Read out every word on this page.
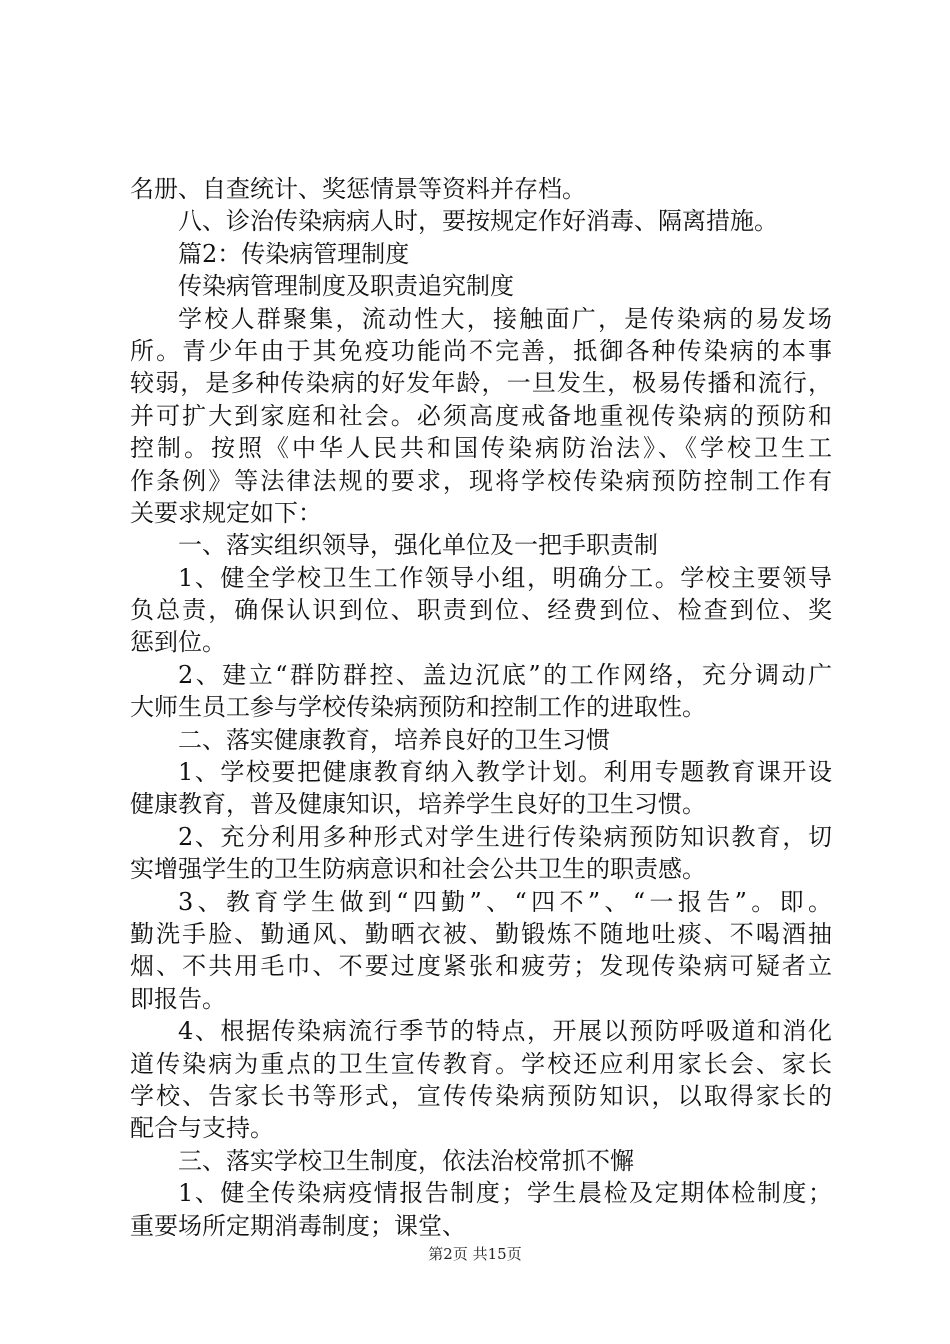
名册、自查统计、奖惩情景等资料并存档。
八、诊治传染病病人时，要按规定作好消毒、隔离措施。
篇2：传染病管理制度
传染病管理制度及职责追究制度
学校人群聚集，流动性大，接触面广，是传染病的易发场
所。青少年由于其免疫功能尚不完善，抵御各种传染病的本事
较弱，是多种传染病的好发年龄，一旦发生，极易传播和流行，
并可扩大到家庭和社会。必须高度戒备地重视传染病的预防和
控制。按照《中华人民共和国传染病防治法》、《学校卫生工
作条例》等法律法规的要求，现将学校传染病预防控制工作有
关要求规定如下：
一、落实组织领导，强化单位及一把手职责制
1、健全学校卫生工作领导小组，明确分工。学校主要领导
负总责，确保认识到位、职责到位、经费到位、检查到位、奖
惩到位。
2、建立“群防群控、盖边沉底”的工作网络，充分调动广
大师生员工参与学校传染病预防和控制工作的进取性。
二、落实健康教育，培养良好的卫生习惯
1、学校要把健康教育纳入教学计划。利用专题教育课开设
健康教育，普及健康知识，培养学生良好的卫生习惯。
2、充分利用多种形式对学生进行传染病预防知识教育，切
实增强学生的卫生防病意识和社会公共卫生的职责感。
3、教育学生做到“四勤”、“四不”、“一报告”。即。
勤洗手脸、勤通风、勤晒衣被、勤锻炼不随地吐痰、不喝酒抽
烟、不共用毛巾、不要过度紧张和疲劳；发现传染病可疑者立
即报告。
4、根据传染病流行季节的特点，开展以预防呼吸道和消化
道传染病为重点的卫生宣传教育。学校还应利用家长会、家长
学校、告家长书等形式，宣传传染病预防知识，以取得家长的
配合与支持。
三、落实学校卫生制度，依法治校常抓不懈
1、健全传染病疫情报告制度；学生晨检及定期体检制度；
重要场所定期消毒制度；课堂、
第2页 共15页
